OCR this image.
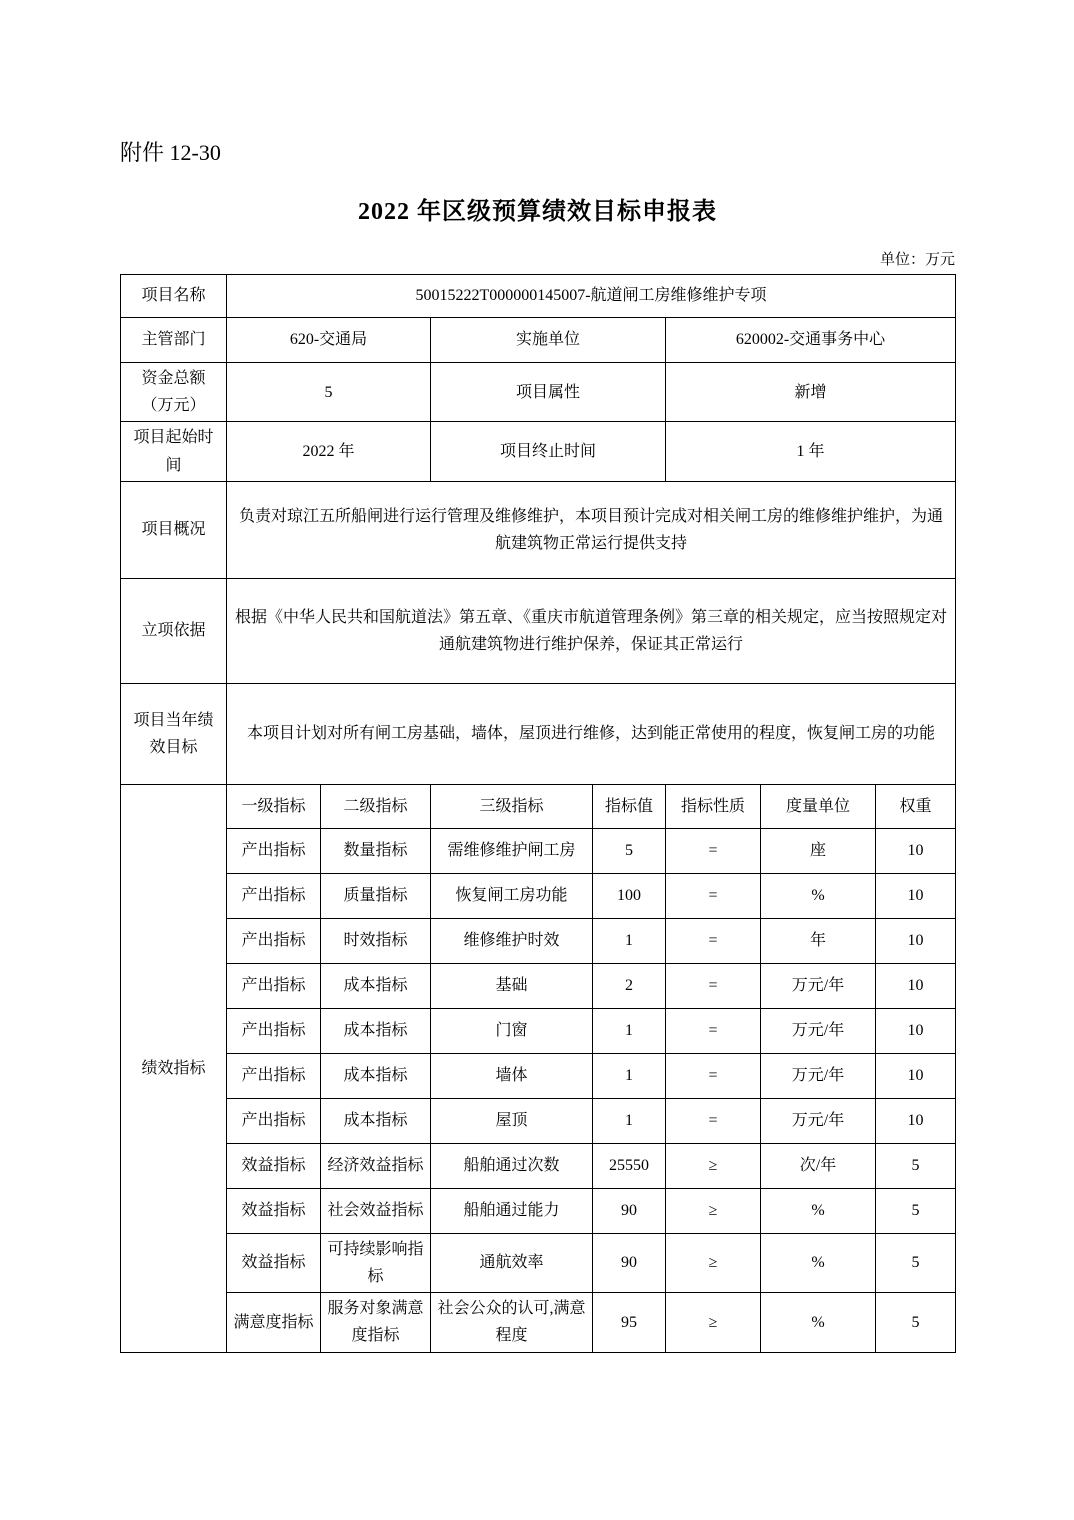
附件 12-30
2022 年区级预算绩效目标申报表
单位：万元
项目名称	50015222T000000145007-航道闸工房维修维护专项						
主管部门	620-交通局		实施单位		620002-交通事务中心		
资金总额（万元）	5		项目属性		新增		
项目起始时间	2022 年		项目终止时间		1 年		
项目概况	负责对琼江五所船闸进行运行管理及维修维护，本项目预计完成对相关闸工房的维修维护维护，为通航建筑物正常运行提供支持						
立项依据	根据《中华人民共和国航道法》第五章、《重庆市航道管理条例》第三章的相关规定，应当按照规定对通航建筑物进行维护保养，保证其正常运行						
项目当年绩效目标	本项目计划对所有闸工房基础，墙体，屋顶进行维修，达到能正常使用的程度，恢复闸工房的功能						
绩效指标	一级指标	二级指标	三级指标	指标值	指标性质	度量单位	权重
	产出指标	数量指标	需维修维护闸工房	5	=	座	10
	产出指标	质量指标	恢复闸工房功能	100	=	%	10
	产出指标	时效指标	维修维护时效	1	=	年	10
	产出指标	成本指标	基础	2	=	万元/年	10
	产出指标	成本指标	门窗	1	=	万元/年	10
	产出指标	成本指标	墙体	1	=	万元/年	10
	产出指标	成本指标	屋顶	1	=	万元/年	10
	效益指标	经济效益指标	船舶通过次数	25550	≥	次/年	5
	效益指标	社会效益指标	船舶通过能力	90	≥	%	5
	效益指标	可持续影响指标	通航效率	90	≥	%	5
	满意度指标	服务对象满意度指标	社会公众的认可,满意程度	95	≥	%	5
